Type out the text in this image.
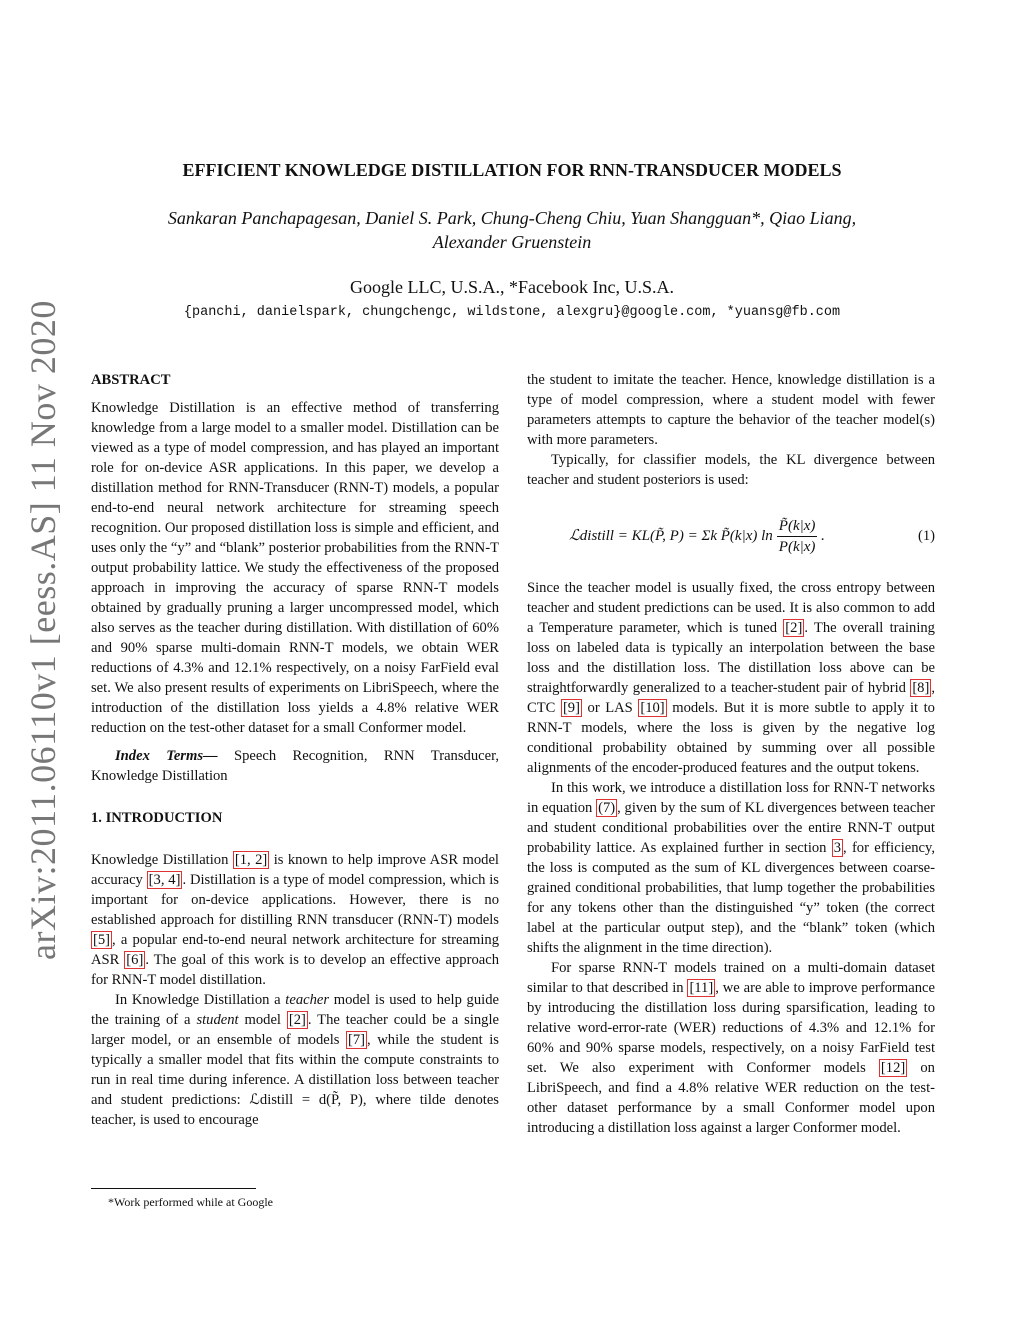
arXiv:2011.06110v1 [eess.AS] 11 Nov 2020
EFFICIENT KNOWLEDGE DISTILLATION FOR RNN-TRANSDUCER MODELS
Sankaran Panchapagesan, Daniel S. Park, Chung-Cheng Chiu, Yuan Shangguan*, Qiao Liang,
Alexander Gruenstein
Google LLC, U.S.A., *Facebook Inc, U.S.A.
{panchi, danielspark, chungchengc, wildstone, alexgru}@google.com, *yuansg@fb.com

ABSTRACT

Knowledge Distillation is an effective method of transferring knowledge from a large model to a smaller model. Distillation can be viewed as a type of model compression, and has played an important role for on-device ASR applications. In this paper, we develop a distillation method for RNN-Transducer (RNN-T) models, a popular end-to-end neural network architecture for streaming speech recognition. Our proposed distillation loss is simple and efficient, and uses only the “y” and “blank” posterior probabilities from the RNN-T output probability lattice. We study the effectiveness of the proposed approach in improving the accuracy of sparse RNN-T models obtained by gradually pruning a larger uncompressed model, which also serves as the teacher during distillation. With distillation of 60% and 90% sparse multi-domain RNN-T models, we obtain WER reductions of 4.3% and 12.1% respectively, on a noisy FarField eval set. We also present results of experiments on LibriSpeech, where the introduction of the distillation loss yields a 4.8% relative WER reduction on the test-other dataset for a small Conformer model.

Index Terms— Speech Recognition, RNN Transducer, Knowledge Distillation

1. INTRODUCTION

Knowledge Distillation [1, 2] is known to help improve ASR model accuracy [3, 4] . Distillation is a type of model compression, which is important for on-device applications. However, there is no established approach for distilling RNN transducer (RNN-T) models [5] , a popular end-to-end neural network architecture for streaming ASR [6] . The goal of this work is to develop an effective approach for RNN-T model distillation.

In Knowledge Distillation a teacher model is used to help guide the training of a student model [2] . The teacher could be a single larger model, or an ensemble of models [7] , while the student is typically a smaller model that fits within the compute constraints to run in real time during inference. A distillation loss between teacher and student predictions: ℒdistill = d(P̃, P), where tilde denotes teacher, is used to encourage

the student to imitate the teacher. Hence, knowledge distillation is a type of model compression, where a student model with fewer parameters attempts to capture the behavior of the teacher model(s) with more parameters.

Typically, for classifier models, the KL divergence between teacher and student posteriors is used:

ℒdistill = KL(P̃, P) = Σk P̃(k|x) $\ln \frac{P̃(k|x)}{P(k|x)}$ .	(1)

Since the teacher model is usually fixed, the cross entropy between teacher and student predictions can be used. It is also common to add a Temperature parameter, which is tuned [2] . The overall training loss on labeled data is typically an interpolation between the base loss and the distillation loss. The distillation loss above can be straightforwardly generalized to a teacher-student pair of hybrid [8] , CTC [9] or LAS [10] models. But it is more subtle to apply it to RNN-T models, where the loss is given by the negative log conditional probability obtained by summing over all possible alignments of the encoder-produced features and the output tokens.

In this work, we introduce a distillation loss for RNN-T networks in equation (7) , given by the sum of KL divergences between teacher and student conditional probabilities over the entire RNN-T output probability lattice. As explained further in section 3 , for efficiency, the loss is computed as the sum of KL divergences between coarse-grained conditional probabilities, that lump together the probabilities for any tokens other than the distinguished “y” token (the correct label at the particular output step), and the “blank” token (which shifts the alignment in the time direction).

For sparse RNN-T models trained on a multi-domain dataset similar to that described in [11] , we are able to improve performance by introducing the distillation loss during sparsification, leading to relative word-error-rate (WER) reductions of 4.3% and 12.1% for 60% and 90% sparse models, respectively, on a noisy FarField test set. We also experiment with Conformer models [12] on LibriSpeech, and find a 4.8% relative WER reduction on the test-other dataset performance by a small Conformer model upon introducing a distillation loss against a larger Conformer model.

*Work performed while at Google
